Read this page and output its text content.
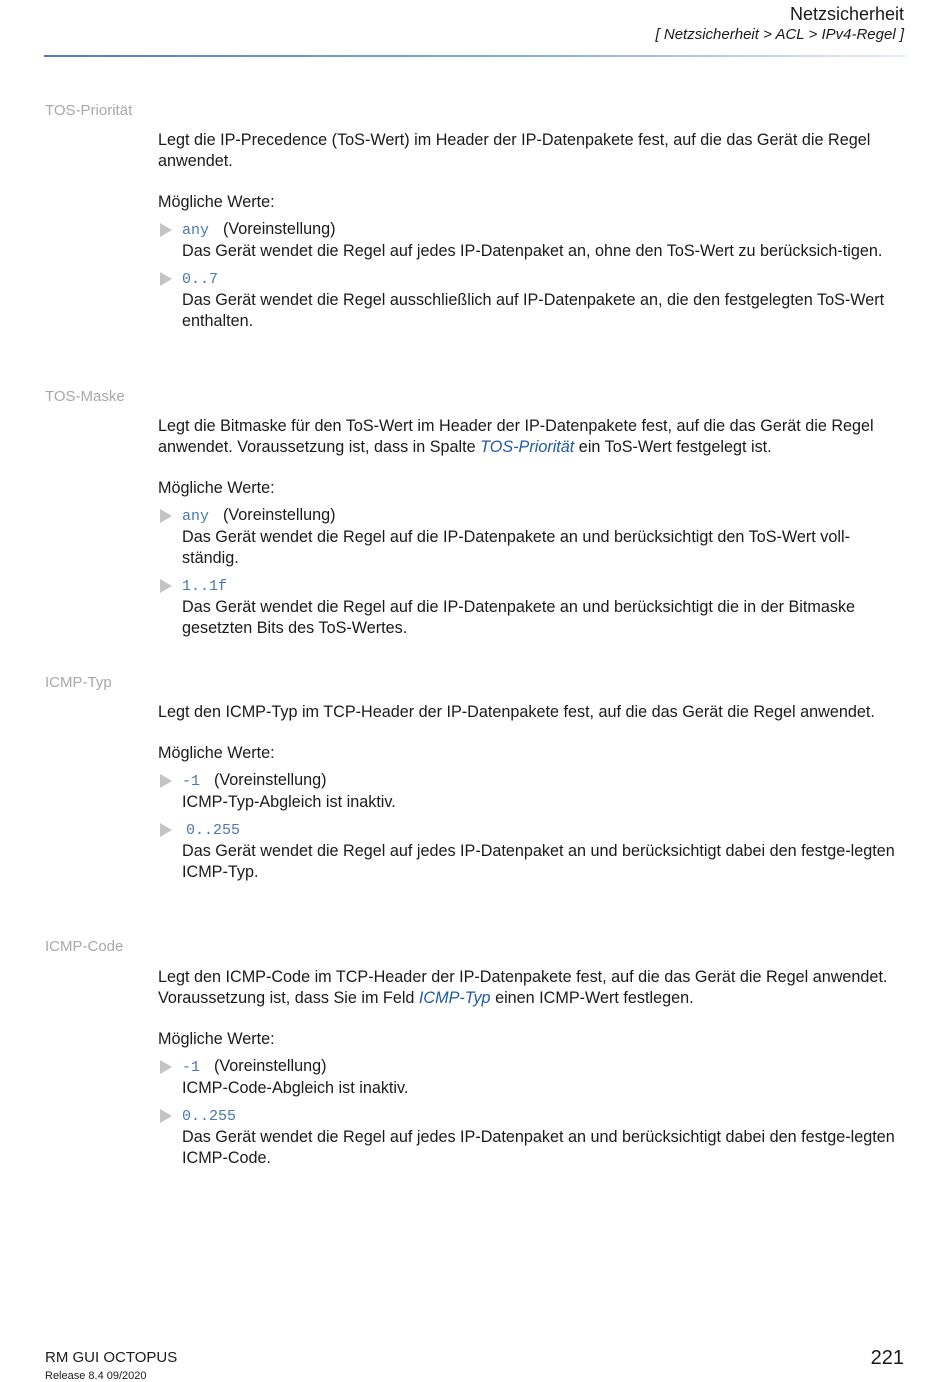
Netzsicherheit
[ Netzsicherheit > ACL > IPv4-Regel ]
TOS-Priorität

Legt die IP-Precedence (ToS-Wert) im Header der IP-Datenpakete fest, auf die das Gerät die Regel anwendet.

Mögliche Werte:

any (Voreinstellung)
Das Gerät wendet die Regel auf jedes IP-Datenpaket an, ohne den ToS-Wert zu berücksich-tigen.
0..7
Das Gerät wendet die Regel ausschließlich auf IP-Datenpakete an, die den festgelegten ToS-Wert enthalten.
TOS-Maske

Legt die Bitmaske für den ToS-Wert im Header der IP-Datenpakete fest, auf die das Gerät die Regel anwendet. Voraussetzung ist, dass in Spalte TOS-Priorität ein ToS-Wert festgelegt ist.

Mögliche Werte:

any (Voreinstellung)
Das Gerät wendet die Regel auf die IP-Datenpakete an und berücksichtigt den ToS-Wert voll-ständig.
1..1f
Das Gerät wendet die Regel auf die IP-Datenpakete an und berücksichtigt die in der Bitmaske gesetzten Bits des ToS-Wertes.
ICMP-Typ

Legt den ICMP-Typ im TCP-Header der IP-Datenpakete fest, auf die das Gerät die Regel anwendet.

Mögliche Werte:

-1 (Voreinstellung)
ICMP-Typ-Abgleich ist inaktiv.
0..255
Das Gerät wendet die Regel auf jedes IP-Datenpaket an und berücksichtigt dabei den festge-legten ICMP-Typ.
ICMP-Code

Legt den ICMP-Code im TCP-Header der IP-Datenpakete fest, auf die das Gerät die Regel anwendet. Voraussetzung ist, dass Sie im Feld ICMP-Typ einen ICMP-Wert festlegen.

Mögliche Werte:

-1 (Voreinstellung)
ICMP-Code-Abgleich ist inaktiv.
0..255
Das Gerät wendet die Regel auf jedes IP-Datenpaket an und berücksichtigt dabei den festge-legten ICMP-Code.
RM GUI OCTOPUS
Release 8.4 09/2020
221
